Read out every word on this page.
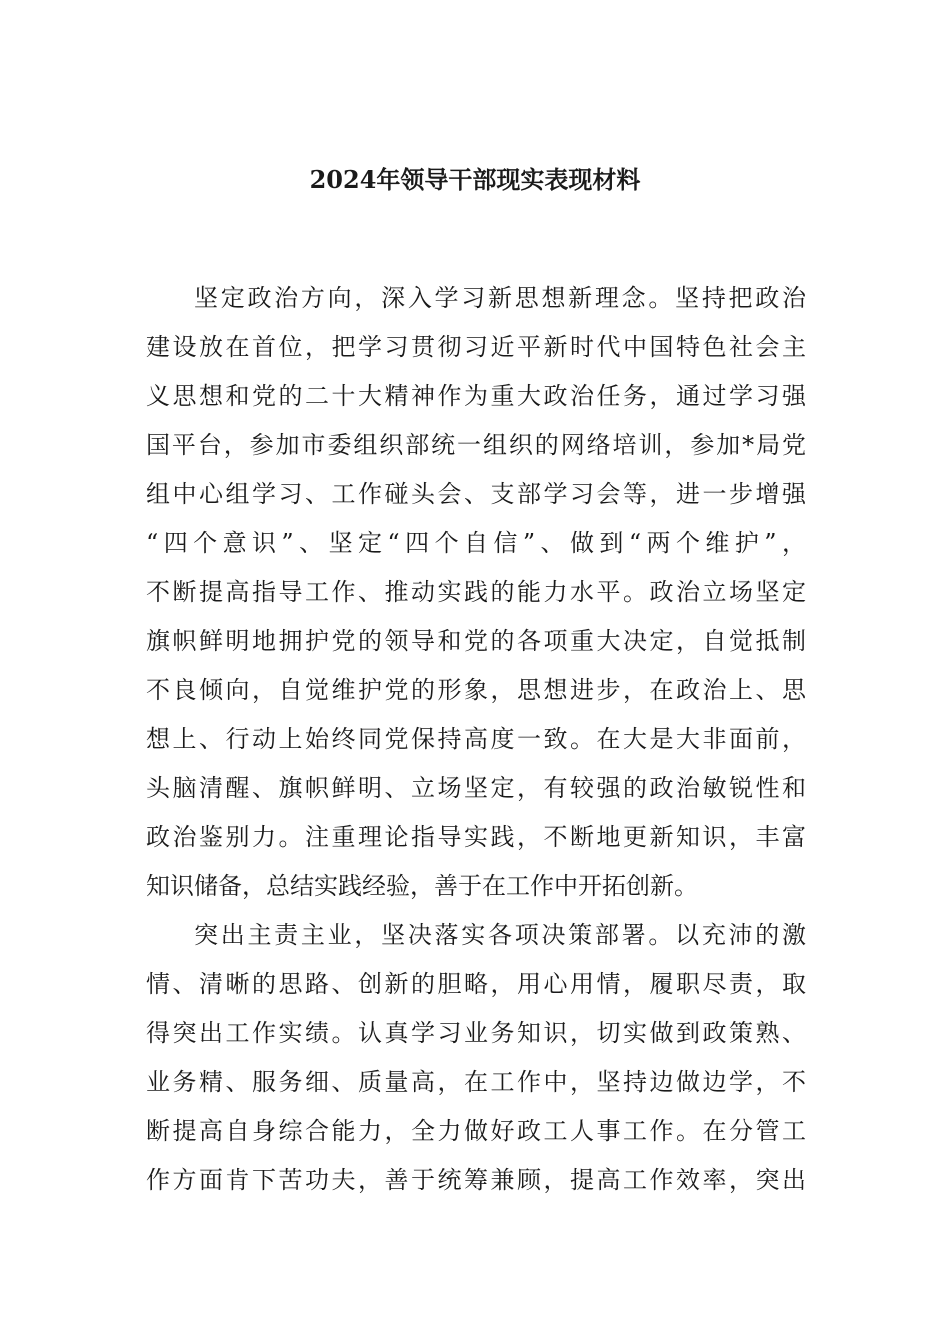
2024年领导干部现实表现材料
坚定政治方向，深入学习新思想新理念。坚持把政治
建设放在首位，把学习贯彻习近平新时代中国特色社会主
义思想和党的二十大精神作为重大政治任务，通过学习强
国平台，参加市委组织部统一组织的网络培训，参加*局党
组中心组学习、工作碰头会、支部学习会等，进一步增强
“四个意识”、坚定“四个自信”、做到“两个维护”，
不断提高指导工作、推动实践的能力水平。政治立场坚定
旗帜鲜明地拥护党的领导和党的各项重大决定，自觉抵制
不良倾向，自觉维护党的形象，思想进步，在政治上、思
想上、行动上始终同党保持高度一致。在大是大非面前，
头脑清醒、旗帜鲜明、立场坚定，有较强的政治敏锐性和
政治鉴别力。注重理论指导实践，不断地更新知识，丰富
知识储备，总结实践经验，善于在工作中开拓创新。
突出主责主业，坚决落实各项决策部署。以充沛的激
情、清晰的思路、创新的胆略，用心用情，履职尽责，取
得突出工作实绩。认真学习业务知识，切实做到政策熟、
业务精、服务细、质量高，在工作中，坚持边做边学，不
断提高自身综合能力，全力做好政工人事工作。在分管工
作方面肯下苦功夫，善于统筹兼顾，提高工作效率，突出
